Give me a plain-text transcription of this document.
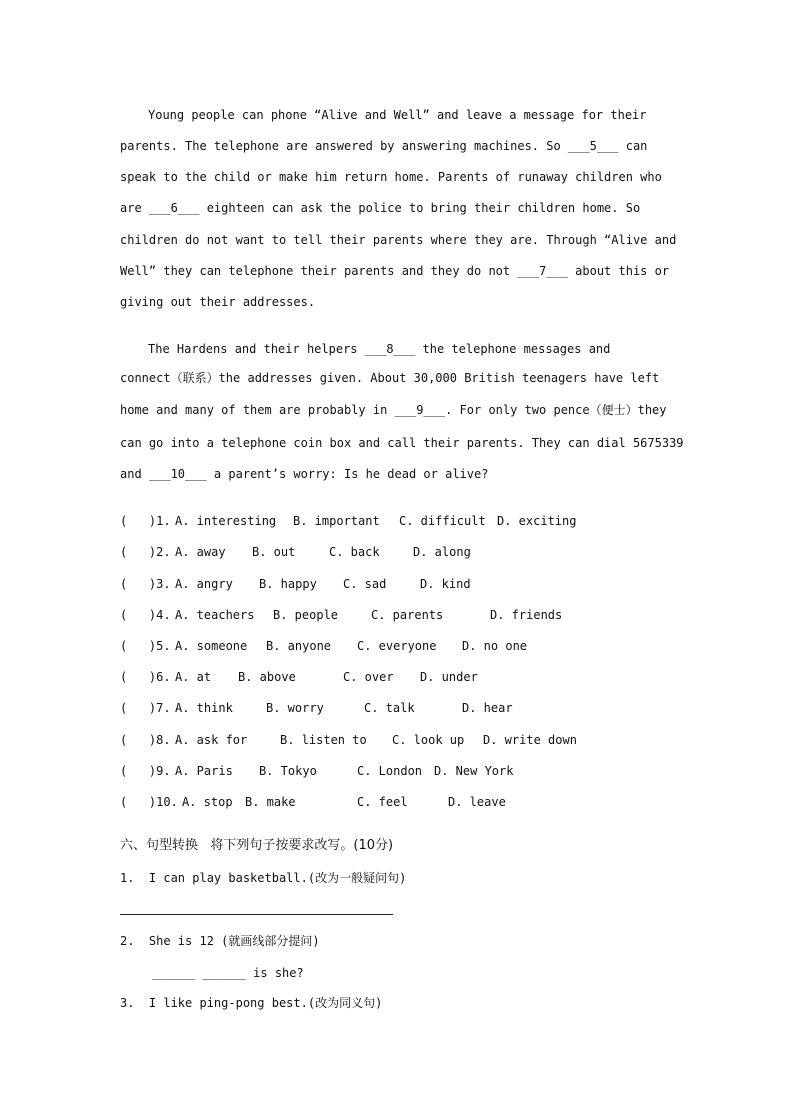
Young people can phone “Alive and Well” and leave a message for their
parents. The telephone are answered by answering machines. So ___5___ can
speak to the child or make him return home. Parents of runaway children who
are ___6___ eighteen can ask the police to bring their children home. So
children do not want to tell their parents where they are. Through “Alive and
Well” they can telephone their parents and they do not ___7___ about this or
giving out their addresses.
The Hardens and their helpers ___8___ the telephone messages and
connect（联系）the addresses given. About 30,000 British teenagers have left
home and many of them are probably in ___9___. For only two pence（便士）they
can go into a telephone coin box and call their parents. They can dial 5675339
and ___10___ a parent’s worry: Is he dead or alive?

(   )1.

A. interesting

B. important

C. difficult

D. exciting

(   )2.

A. away

B. out

	C. back

	D. along

(   )3.

A. angry

B. happy

C. sad

	D. kind

(   )4.

A. teachers

B. people

	C. parents

	D. friends

(   )5.

A. someone

B. anyone

C. everyone

D. no one

(   )6.

A. at

B. above

	C. over

D. under

(   )7.

A. think

	B. worry

	C. talk

	D. hear

(   )8.

A. ask for

	B. listen to

C. look up

D. write down

(   )9.

A. Paris

B. Tokyo

	C. London

D. New York

(   )10.

A. stop

B. make

	C. feel

	D. leave

六、句型转换   将下列句子按要求改写。(10分)
1.  I can play basketball.(改为一般疑问句)
2.  She is 12 (就画线部分提问)
______ ______ is she?
3.  I like ping-pong best.(改为同义句)
